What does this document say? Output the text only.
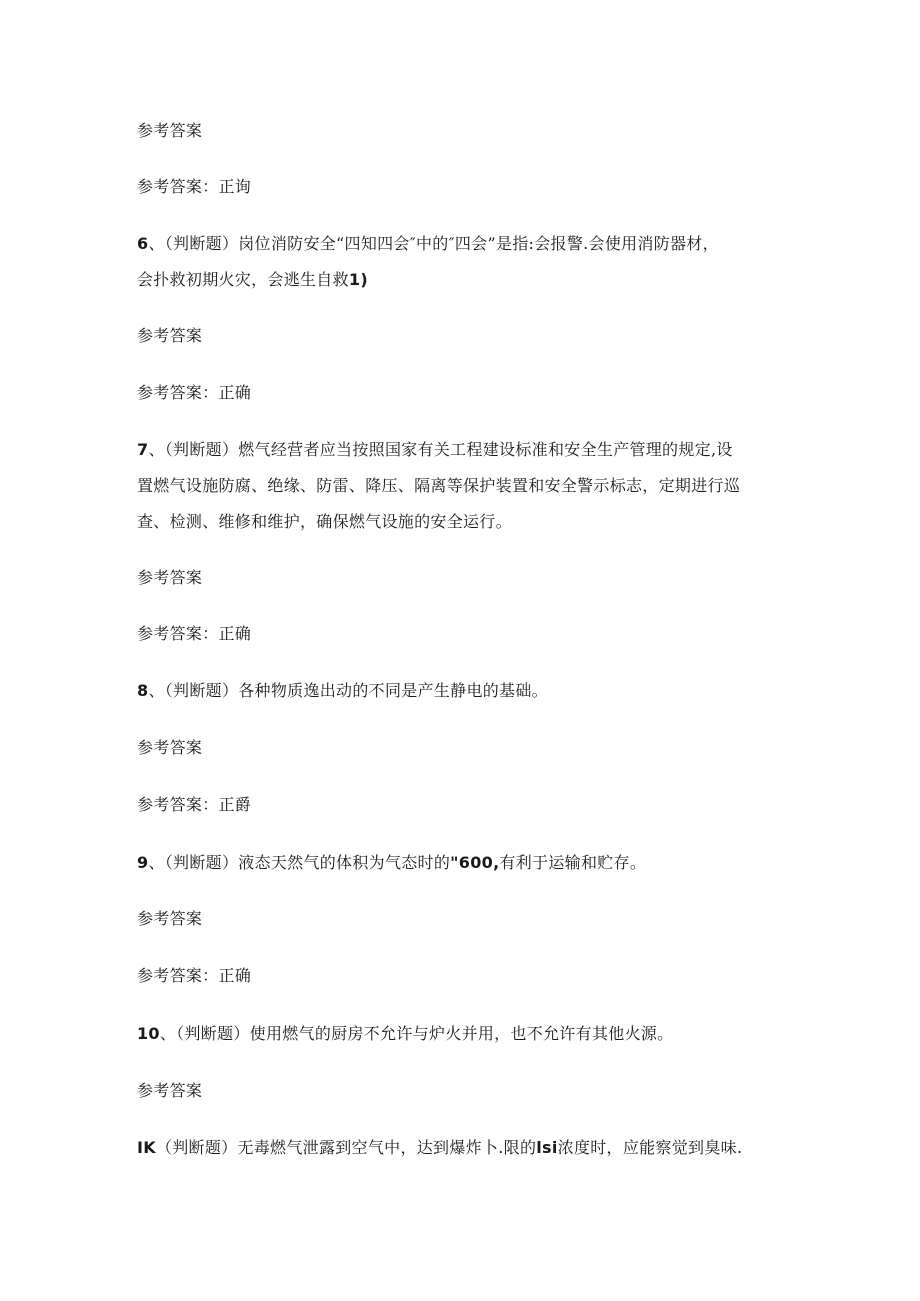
参考答案
参考答案：正询
6、（判断题）岗位消防安全“四知四会″中的″四会”是指:会报警.会使用消防器材，
会扑救初期火灾，会逃生自救1)
参考答案
参考答案：正确
7、（判断题）燃气经营者应当按照国家有关工程建设标准和安全生产管理的规定,设
置燃气设施防腐、绝缘、防雷、降压、隔离等保护装置和安全警示标志，定期进行巡
查、检测、维修和维护，确保燃气设施的安全运行。
参考答案
参考答案：正确
8、（判断题）各种物质逸出动的不同是产生静电的基础。
参考答案
参考答案：正爵
9、（判断题）液态天然气的体积为气态时的"600,有利于运输和贮存。
参考答案
参考答案：正确
10、（判断题）使用燃气的厨房不允许与炉火并用，也不允许有其他火源。
参考答案
IK（判断题）无毒燃气泄露到空气中，达到爆炸卜.限的lsi浓度时，应能察觉到臭味.
